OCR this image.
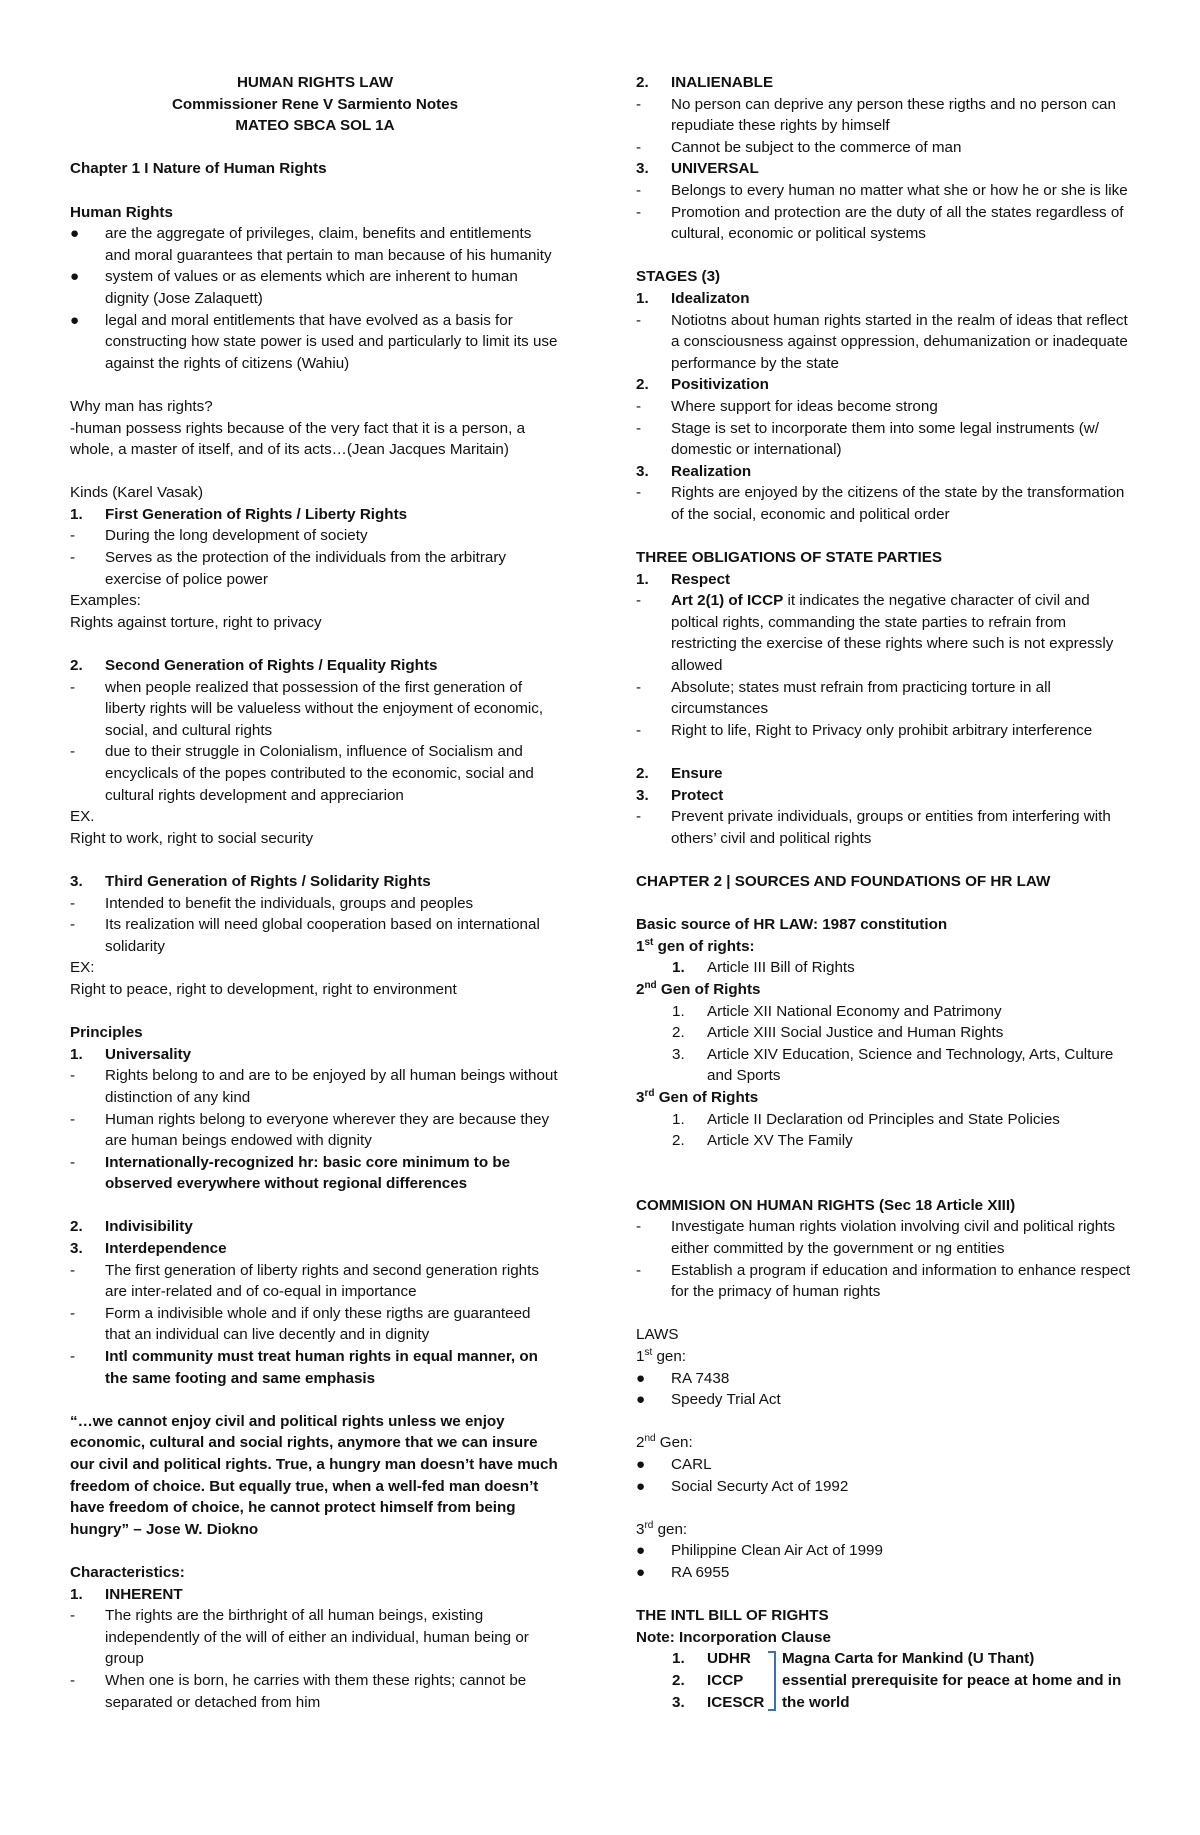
HUMAN RIGHTS LAW

Commissioner Rene V Sarmiento Notes

MATEO SBCA SOL 1A

Chapter 1 I Nature of Human Rights

Human Rights

● are the aggregate of privileges, claim, benefits and entitlements and moral guarantees that pertain to man because of his humanity

● system of values or as elements which are inherent to human dignity (Jose Zalaquett)

● legal and moral entitlements that have evolved as a basis for constructing how state power is used and particularly to limit its use against the rights of citizens (Wahiu)

Why man has rights?

-human possess rights because of the very fact that it is a person, a whole, a master of itself, and of its acts…(Jean Jacques Maritain)

Kinds (Karel Vasak)

1. First Generation of Rights / Liberty Rights

- During the long development of society

- Serves as the protection of the individuals from the arbitrary exercise of police power

Examples:

Rights against torture, right to privacy

2. Second Generation of Rights / Equality Rights

- when people realized that possession of the first generation of liberty rights will be valueless without the enjoyment of economic, social, and cultural rights

- due to their struggle in Colonialism, influence of Socialism and encyclicals of the popes contributed to the economic, social and cultural rights development and appreciarion

EX.

Right to work, right to social security

3. Third Generation of Rights / Solidarity Rights

- Intended to benefit the individuals, groups and peoples

- Its realization will need global cooperation based on international solidarity

EX:

Right to peace, right to development, right to environment

Principles

1. Universality

- Rights belong to and are to be enjoyed by all human beings without distinction of any kind

- Human rights belong to everyone wherever they are because they are human beings endowed with dignity

- Internationally-recognized hr: basic core minimum to be observed everywhere without regional differences

2. Indivisibility

3. Interdependence

- The first generation of liberty rights and second generation rights are inter-related and of co-equal in importance

- Form a indivisible whole and if only these rigths are guaranteed that an individual can live decently and in dignity

- Intl community must treat human rights in equal manner, on the same footing and same emphasis

“…we cannot enjoy civil and political rights unless we enjoy economic, cultural and social rights, anymore that we can insure our civil and political rights. True, a hungry man doesn’t have much freedom of choice. But equally true, when a well-fed man doesn’t have freedom of choice, he cannot protect himself from being hungry” – Jose W. Diokno

Characteristics:

1. INHERENT

- The rights are the birthright of all human beings, existing independently of the will of either an individual, human being or group

- When one is born, he carries with them these rights; cannot be separated or detached from him

2. INALIENABLE

- No person can deprive any person these rigths and no person can repudiate these rights by himself

- Cannot be subject to the commerce of man

3. UNIVERSAL

- Belongs to every human no matter what she or how he or she is like

- Promotion and protection are the duty of all the states regardless of cultural, economic or political systems

STAGES (3)

1. Idealizaton

- Notiotns about human rights started in the realm of ideas that reflect a consciousness against oppression, dehumanization or inadequate performance by the state

2. Positivization

- Where support for ideas become strong

- Stage is set to incorporate them into some legal instruments (w/ domestic or international)

3. Realization

- Rights are enjoyed by the citizens of the state by the transformation of the social, economic and political order

THREE OBLIGATIONS OF STATE PARTIES

1. Respect

- Art 2(1) of ICCP it indicates the negative character of civil and poltical rights, commanding the state parties to refrain from restricting the exercise of these rights where such is not expressly allowed

- Absolute; states must refrain from practicing torture in all circumstances

- Right to life, Right to Privacy only prohibit arbitrary interference

2. Ensure

3. Protect

- Prevent private individuals, groups or entities from interfering with others’ civil and political rights

CHAPTER 2 | SOURCES AND FOUNDATIONS OF HR LAW

Basic source of HR LAW: 1987 constitution

1st gen of rights:

1. Article III Bill of Rights

2nd Gen of Rights

1. Article XII National Economy and Patrimony

2. Article XIII Social Justice and Human Rights

3. Article XIV Education, Science and Technology, Arts, Culture and Sports

3rd Gen of Rights

1. Article II Declaration od Principles and State Policies

2. Article XV The Family

COMMISION ON HUMAN RIGHTS (Sec 18 Article XIII)

- Investigate human rights violation involving civil and political rights either committed by the government or ng entities

- Establish a program if education and information to enhance respect for the primacy of human rights

LAWS

1st gen:

● RA 7438

● Speedy Trial Act

2nd Gen:

● CARL

● Social Securty Act of 1992

3rd gen:

● Philippine Clean Air Act of 1999

● RA 6955

THE INTL BILL OF RIGHTS

Note: Incorporation Clause

1. UDHR Magna Carta for Mankind (U Thant)
2. ICCP	essential prerequisite for peace at home and in
3. ICESCR the world
